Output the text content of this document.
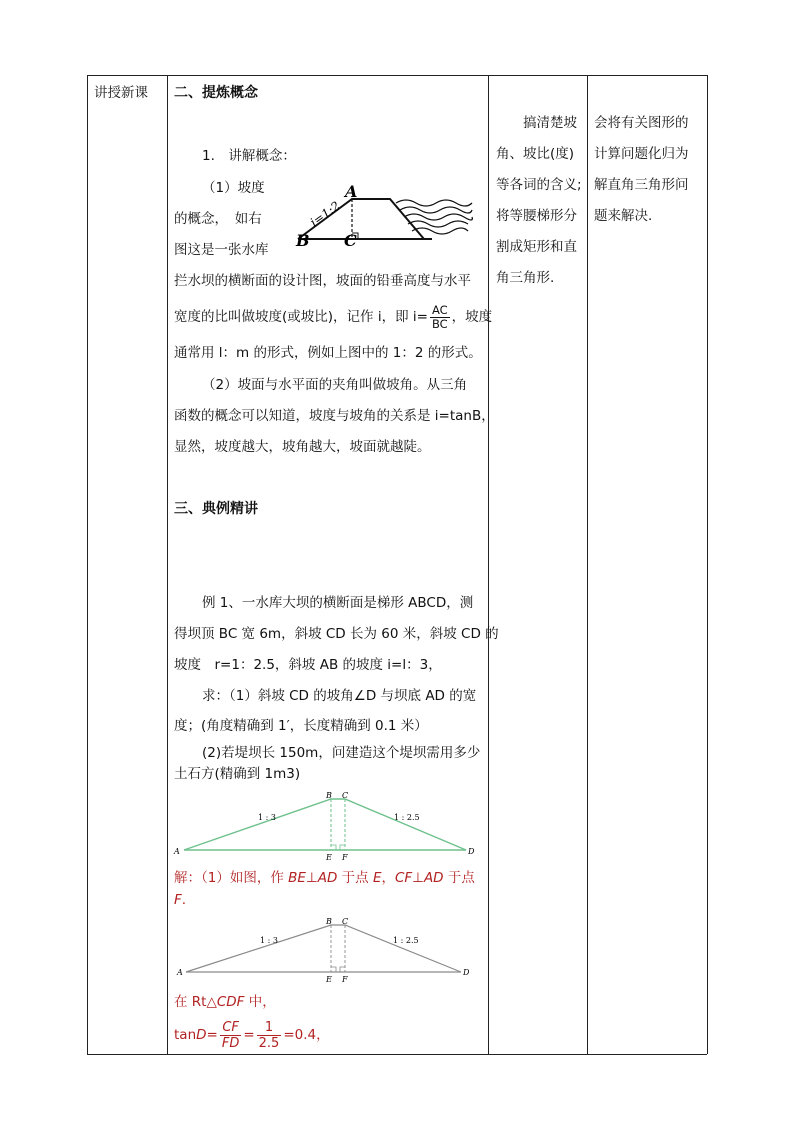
讲授新课 二、提炼概念
1.　讲解概念：
（1）坡度
的概念，　如右
图这是一张水库
A
B C
i=1:2
拦水坝的横断面的设计图，坡面的铅垂高度与水平
宽度的比叫做坡度(或坡比)，记作 i，即 $i= \frac{AC}{BC}$ ，坡度
通常用 l：m 的形式，例如上图中的 1：2 的形式。
（2）坡面与水平面的夹角叫做坡角。从三角
函数的概念可以知道，坡度与坡角的关系是 i=tanB，
显然，坡度越大，坡角越大，坡面就越陡。
三、典例精讲
例 1、一水库大坝的横断面是梯形 ABCD，测
得坝顶 BC 宽 6m，斜坡 CD 长为 60 米，斜坡 CD 的
坡度　r=1：2.5，斜坡 AB 的坡度 i=l：3，
求：（1）斜坡 CD 的坡角∠D 与坝底 AD 的宽
度；(角度精确到 1′，长度精确到 0.1 米）
(2)若堤坝长 150m，问建造这个堤坝需用多少
土石方(精确到 1m3)
A
B C
D
E F
1 : 3	1 : 2.5
解：（1）如图，作 BE⊥AD 于点 E，CF⊥AD 于点
F.
A
B C
D
E F
1 : 3	1 : 2.5
在 Rt△CDF 中，
$\tan D= \frac{CF}{FD} = \frac{1}{2.5} =0.4$，
搞清楚坡
角、坡比(度)
等各词的含义;
将等腰梯形分
割成矩形和直
角三角形.
会将有关图形的
计算问题化归为
解直角三角形问
题来解决.
